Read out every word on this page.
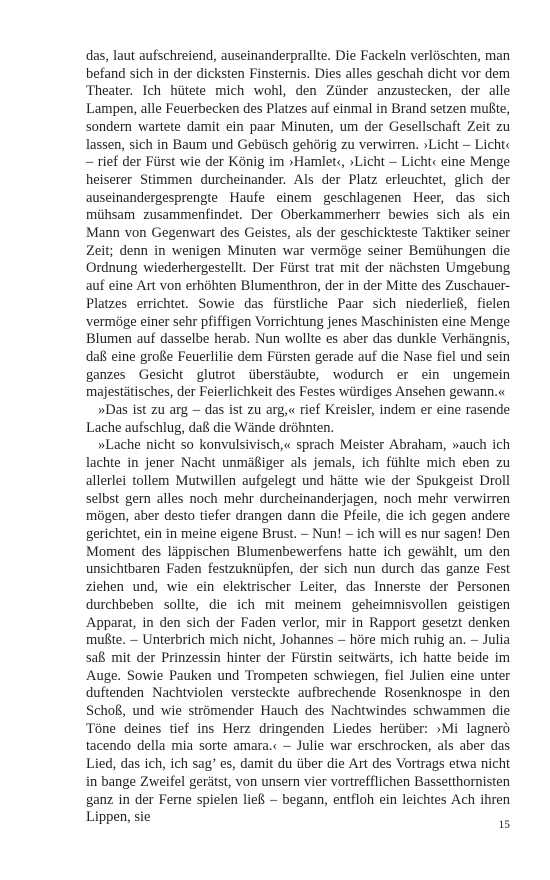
das, laut aufschreiend, auseinanderprallte. Die Fackeln verlöschten, man befand sich in der dicksten Finsternis. Dies alles geschah dicht vor dem Theater. Ich hütete mich wohl, den Zünder anzustecken, der alle Lampen, alle Feuerbecken des Platzes auf einmal in Brand setzen mußte, sondern wartete damit ein paar Minuten, um der Gesellschaft Zeit zu lassen, sich in Baum und Gebüsch gehörig zu verwirren. ›Licht – Licht‹ – rief der Fürst wie der König im ›Hamlet‹, ›Licht – Licht‹ eine Menge heiserer Stimmen durcheinander. Als der Platz erleuchtet, glich der auseinandergesprengte Haufe einem geschlagenen Heer, das sich mühsam zusammenfindet. Der Oberkammerherr bewies sich als ein Mann von Gegenwart des Geistes, als der geschickteste Taktiker seiner Zeit; denn in wenigen Minuten war vermöge seiner Bemühungen die Ordnung wiederhergestellt. Der Fürst trat mit der nächsten Umgebung auf eine Art von erhöhten Blumenthron, der in der Mitte des Zuschauer-Platzes errichtet. Sowie das fürstliche Paar sich niederließ, fielen vermöge einer sehr pfiffigen Vorrichtung jenes Maschinisten eine Menge Blumen auf dasselbe herab. Nun wollte es aber das dunkle Verhängnis, daß eine große Feuerlilie dem Fürsten gerade auf die Nase fiel und sein ganzes Gesicht glutrot überstäubte, wodurch er ein ungemein majestätisches, der Feierlichkeit des Festes würdiges Ansehen gewann.«

»Das ist zu arg – das ist zu arg,« rief Kreisler, indem er eine rasende Lache aufschlug, daß die Wände dröhnten.

»Lache nicht so konvulsivisch,« sprach Meister Abraham, »auch ich lachte in jener Nacht unmäßiger als jemals, ich fühlte mich eben zu allerlei tollem Mutwillen aufgelegt und hätte wie der Spukgeist Droll selbst gern alles noch mehr durcheinanderjagen, noch mehr verwirren mögen, aber desto tiefer drangen dann die Pfeile, die ich gegen andere gerichtet, ein in meine eigene Brust. – Nun! – ich will es nur sagen! Den Moment des läppischen Blumenbewerfens hatte ich gewählt, um den unsichtbaren Faden festzuknüpfen, der sich nun durch das ganze Fest ziehen und, wie ein elektrischer Leiter, das Innerste der Personen durchbeben sollte, die ich mit meinem geheimnisvollen geistigen Apparat, in den sich der Faden verlor, mir in Rapport gesetzt denken mußte. – Unterbrich mich nicht, Johannes – höre mich ruhig an. – Julia saß mit der Prinzessin hinter der Fürstin seitwärts, ich hatte beide im Auge. Sowie Pauken und Trompeten schwiegen, fiel Julien eine unter duftenden Nachtviolen versteckte aufbrechende Rosenknospe in den Schoß, und wie strömender Hauch des Nachtwindes schwammen die Töne deines tief ins Herz dringenden Liedes herüber: ›Mi lagnerò tacendo della mia sorte amara.‹ – Julie war erschrocken, als aber das Lied, das ich, ich sag’ es, damit du über die Art des Vortrags etwa nicht in bange Zweifel gerätst, von unsern vier vortrefflichen Bassetthornisten ganz in der Ferne spielen ließ – begann, entfloh ein leichtes Ach ihren Lippen, sie	15
